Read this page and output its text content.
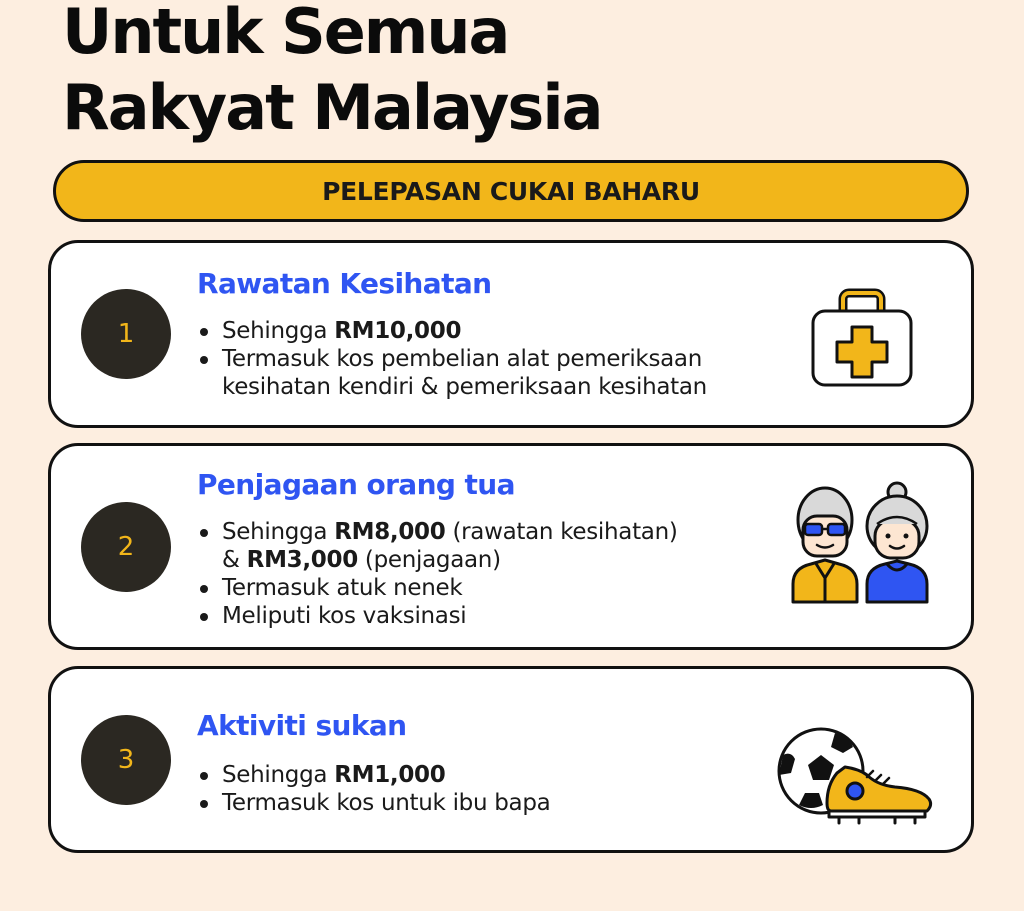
Untuk Semua
Rakyat Malaysia
PELEPASAN CUKAI BAHARU
1
Rawatan Kesihatan
Sehingga RM10,000
Termasuk kos pembelian alat pemeriksaan
kesihatan kendiri & pemeriksaan kesihatan
2
Penjagaan orang tua
Sehingga RM8,000 (rawatan kesihatan)
& RM3,000 (penjagaan)
Termasuk atuk nenek
Meliputi kos vaksinasi
3
Aktiviti sukan
Sehingga RM1,000
Termasuk kos untuk ibu bapa
